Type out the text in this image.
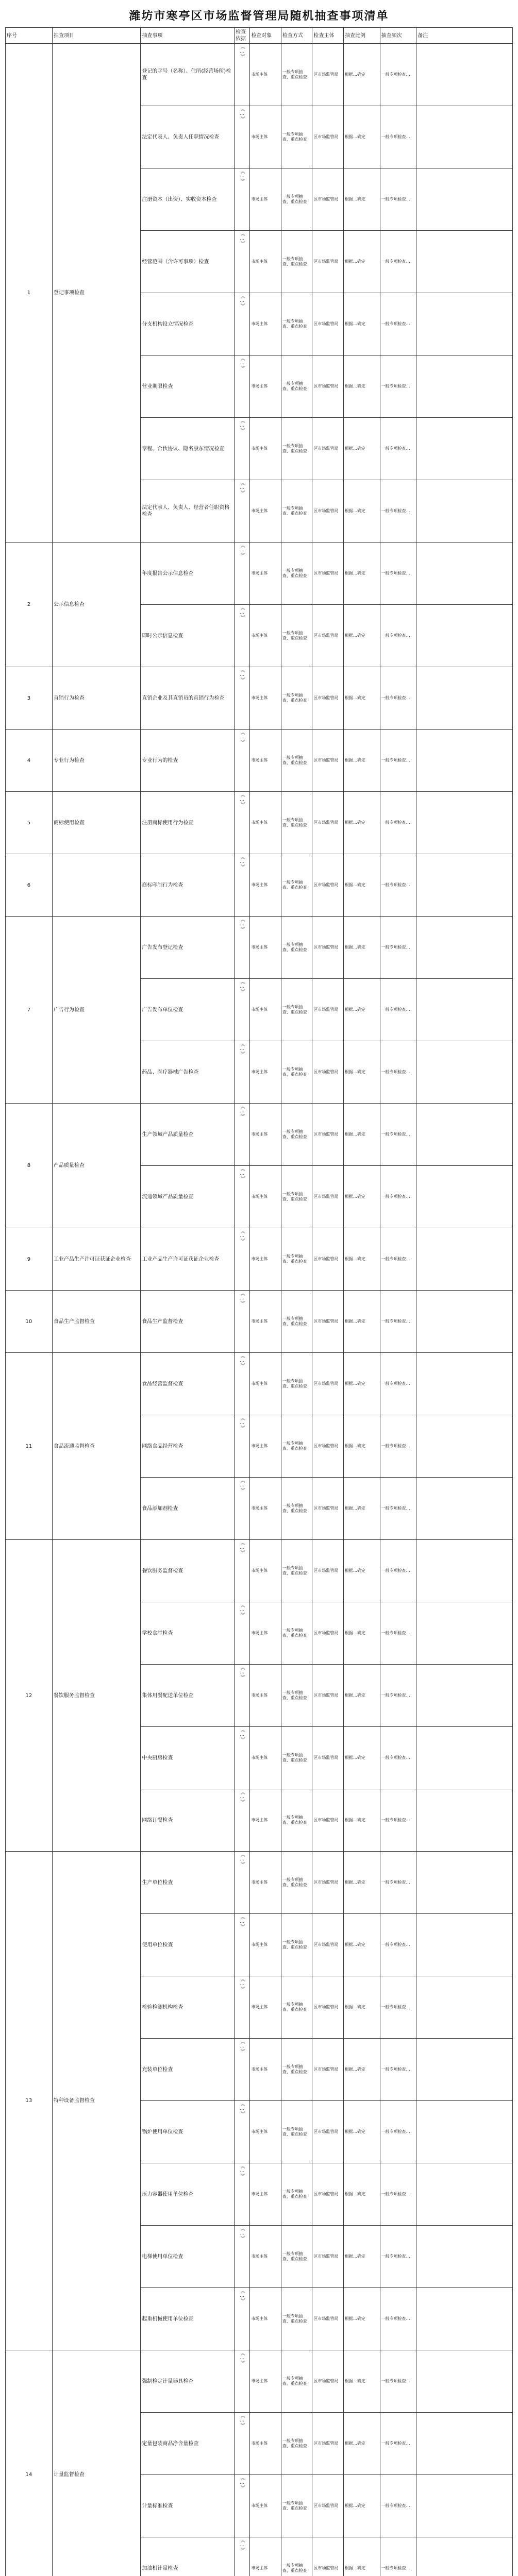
潍坊市寒亭区市场监督管理局随机抽查事项清单
序号	抽查项目	抽查事项	检查依据	检查对象	检查方式	检查主体	抽查比例	抽查频次	备注
1	登记事项检查	登记的字号（名称）、住所(经营场所)检查	《…》	市场主体	一般专项抽查、重点检查	区市场监管局	根据…确定	一般专项检查…	
		法定代表人、负责人任职情况检查	《…》	市场主体	一般专项抽查、重点检查	区市场监管局	根据…确定	一般专项检查…	
		注册资本（出资）、实收资本检查	《…》	市场主体	一般专项抽查、重点检查	区市场监管局	根据…确定	一般专项检查…	
		经营范围（含许可事项）检查	《…》	市场主体	一般专项抽查、重点检查	区市场监管局	根据…确定	一般专项检查…	
		分支机构设立情况检查	《…》	市场主体	一般专项抽查、重点检查	区市场监管局	根据…确定	一般专项检查…	
		营业期限检查	《…》	市场主体	一般专项抽查、重点检查	区市场监管局	根据…确定	一般专项检查…	
		章程、合伙协议、隐名股东情况检查	《…》	市场主体	一般专项抽查、重点检查	区市场监管局	根据…确定	一般专项检查…	
		法定代表人、负责人、经营者任职资格检查	《…》	市场主体	一般专项抽查、重点检查	区市场监管局	根据…确定	一般专项检查…	
2	公示信息检查	年度报告公示信息检查	《…》	市场主体	一般专项抽查、重点检查	区市场监管局	根据…确定	一般专项检查…	
		即时公示信息检查	《…》	市场主体	一般专项抽查、重点检查	区市场监管局	根据…确定	一般专项检查…	
3	直销行为检查	直销企业及其直销员的直销行为检查	《…》	市场主体	一般专项抽查、重点检查	区市场监管局	根据…确定	一般专项检查…	
4	专业行为检查	专业行为的检查	《…》	市场主体	一般专项抽查、重点检查	区市场监管局	根据…确定	一般专项检查…	
5	商标使用检查	注册商标使用行为检查	《…》	市场主体	一般专项抽查、重点检查	区市场监管局	根据…确定	一般专项检查…	
6		商标印制行为检查	《…》	市场主体	一般专项抽查、重点检查	区市场监管局	根据…确定	一般专项检查…	
7	广告行为检查	广告发布登记检查	《…》	市场主体	一般专项抽查、重点检查	区市场监管局	根据…确定	一般专项检查…	
		广告发布单位检查	《…》	市场主体	一般专项抽查、重点检查	区市场监管局	根据…确定	一般专项检查…	
		药品、医疗器械广告检查	《…》	市场主体	一般专项抽查、重点检查	区市场监管局	根据…确定	一般专项检查…	
8	产品质量检查	生产领域产品质量检查	《…》	市场主体	一般专项抽查、重点检查	区市场监管局	根据…确定	一般专项检查…	
		流通领域产品质量检查	《…》	市场主体	一般专项抽查、重点检查	区市场监管局	根据…确定	一般专项检查…	
9	工业产品生产许可证获证企业检查	工业产品生产许可证获证企业检查	《…》	市场主体	一般专项抽查、重点检查	区市场监管局	根据…确定	一般专项检查…	
10	食品生产监督检查	食品生产监督检查	《…》	市场主体	一般专项抽查、重点检查	区市场监管局	根据…确定	一般专项检查…	
11	食品流通监督检查	食品经营监督检查	《…》	市场主体	一般专项抽查、重点检查	区市场监管局	根据…确定	一般专项检查…	
		网络食品经营检查	《…》	市场主体	一般专项抽查、重点检查	区市场监管局	根据…确定	一般专项检查…	
		食品添加剂检查	《…》	市场主体	一般专项抽查、重点检查	区市场监管局	根据…确定	一般专项检查…	
12	餐饮服务监督检查	餐饮服务监督检查	《…》	市场主体	一般专项抽查、重点检查	区市场监管局	根据…确定	一般专项检查…	
		学校食堂检查	《…》	市场主体	一般专项抽查、重点检查	区市场监管局	根据…确定	一般专项检查…	
		集体用餐配送单位检查	《…》	市场主体	一般专项抽查、重点检查	区市场监管局	根据…确定	一般专项检查…	
		中央厨房检查	《…》	市场主体	一般专项抽查、重点检查	区市场监管局	根据…确定	一般专项检查…	
		网络订餐检查	《…》	市场主体	一般专项抽查、重点检查	区市场监管局	根据…确定	一般专项检查…	
13	特种设备监督检查	生产单位检查	《…》	市场主体	一般专项抽查、重点检查	区市场监管局	根据…确定	一般专项检查…	
		使用单位检查	《…》	市场主体	一般专项抽查、重点检查	区市场监管局	根据…确定	一般专项检查…	
		检验检测机构检查	《…》	市场主体	一般专项抽查、重点检查	区市场监管局	根据…确定	一般专项检查…	
		充装单位检查	《…》	市场主体	一般专项抽查、重点检查	区市场监管局	根据…确定	一般专项检查…	
		锅炉使用单位检查	《…》	市场主体	一般专项抽查、重点检查	区市场监管局	根据…确定	一般专项检查…	
		压力容器使用单位检查	《…》	市场主体	一般专项抽查、重点检查	区市场监管局	根据…确定	一般专项检查…	
		电梯使用单位检查	《…》	市场主体	一般专项抽查、重点检查	区市场监管局	根据…确定	一般专项检查…	
		起重机械使用单位检查	《…》	市场主体	一般专项抽查、重点检查	区市场监管局	根据…确定	一般专项检查…	
14	计量监督检查	强制检定计量器具检查	《…》	市场主体	一般专项抽查、重点检查	区市场监管局	根据…确定	一般专项检查…	
		定量包装商品净含量检查	《…》	市场主体	一般专项抽查、重点检查	区市场监管局	根据…确定	一般专项检查…	
		计量标准检查	《…》	市场主体	一般专项抽查、重点检查	区市场监管局	根据…确定	一般专项检查…	
		加油机计量检查	《…》	市场主体	一般专项抽查、重点检查	区市场监管局	根据…确定	一般专项检查…	
